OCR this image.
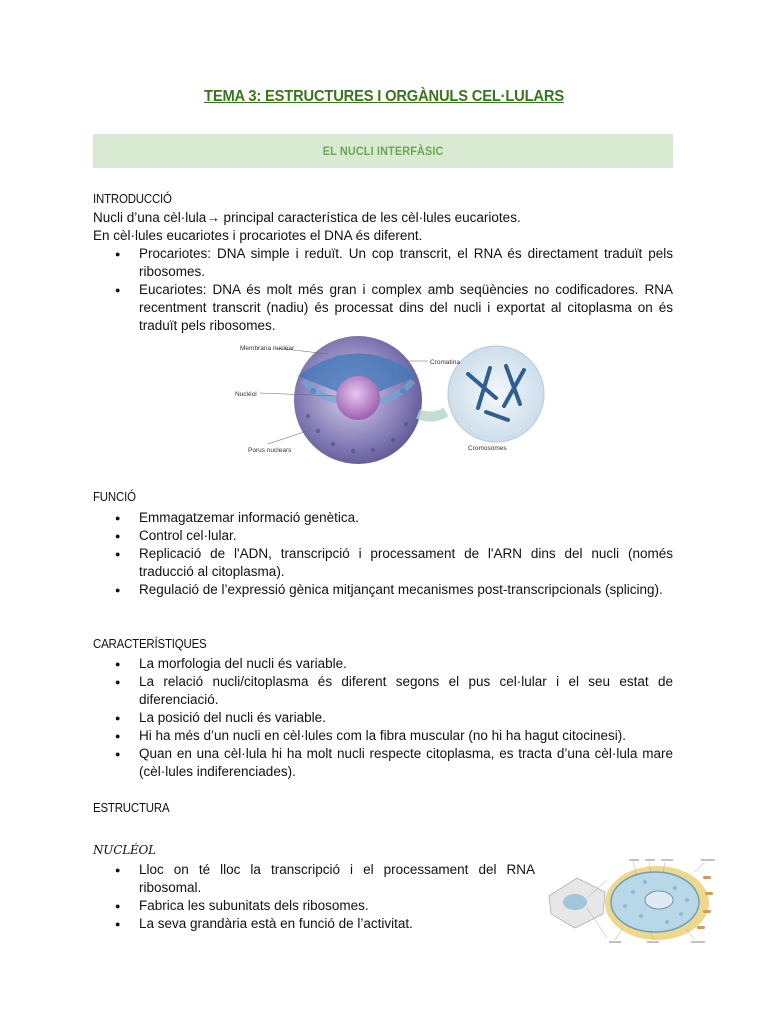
TEMA 3: ESTRUCTURES I ORGÀNULS CEL·LULARS
EL NUCLI INTERFÀSIC
INTRODUCCIÓ
Nucli d’una cèl·lula→ principal característica de les cèl·lules eucariotes.
En cèl·lules eucariotes i procariotes el DNA és diferent.
● Procariotes: DNA simple i reduït. Un cop transcrit, el RNA és directament traduït pels ribosomes.
● Eucariotes: DNA és molt més gran i complex amb seqüències no codificadores. RNA recentment transcrit (nadiu) és processat dins del nucli i exportat al citoplasma on és traduït pels ribosomes.
Membrana nuclear
Cromatina
Nucléol
Porus nuclears	Cromosomes
FUNCIÓ
● Emmagatzemar informació genètica.
● Control cel·lular.
● Replicació de l'ADN, transcripció i processament de l'ARN dins del nucli (només traducció al citoplasma).
● Regulació de l’expressió gènica mitjançant mecanismes post-transcripcionals (splicing).
CARACTERÍSTIQUES
● La morfologia del nucli és variable.
● La relació nucli/citoplasma és diferent segons el pus cel·lular i el seu estat de diferenciació.
● La posició del nucli és variable.
● Hi ha més d’un nucli en cèl·lules com la fibra muscular (no hi ha hagut citocinesi).
● Quan en una cèl·lula hi ha molt nucli respecte citoplasma, es tracta d’una cèl·lula mare (cèl·lules indiferenciades).
ESTRUCTURA
NUCLÉOL
● Lloc on té lloc la transcripció i el processament del RNA ribosomal.
● Fabrica les subunitats dels ribosomes.
● La seva grandària està en funció de l’activitat.
